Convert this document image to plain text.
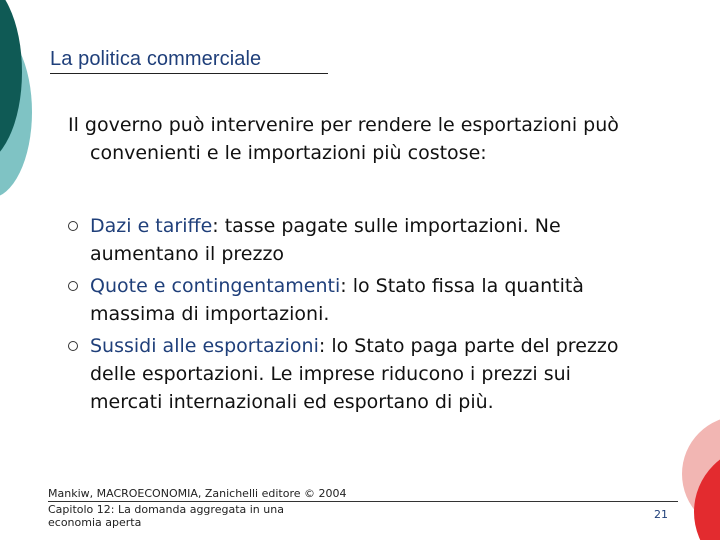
La politica commerciale
Il governo può intervenire per rendere le esportazioni può convenienti e le importazioni più costose:
Dazi e tariffe: tasse pagate sulle importazioni. Ne aumentano il prezzo
Quote e contingentamenti: lo Stato fissa la quantità massima di importazioni.
Sussidi alle esportazioni: lo Stato paga parte del prezzo delle esportazioni. Le imprese riducono i prezzi sui mercati internazionali ed esportano di più.
Mankiw, MACROECONOMIA, Zanichelli editore © 2004
Capitolo 12: La domanda aggregata in una economia aperta
21
